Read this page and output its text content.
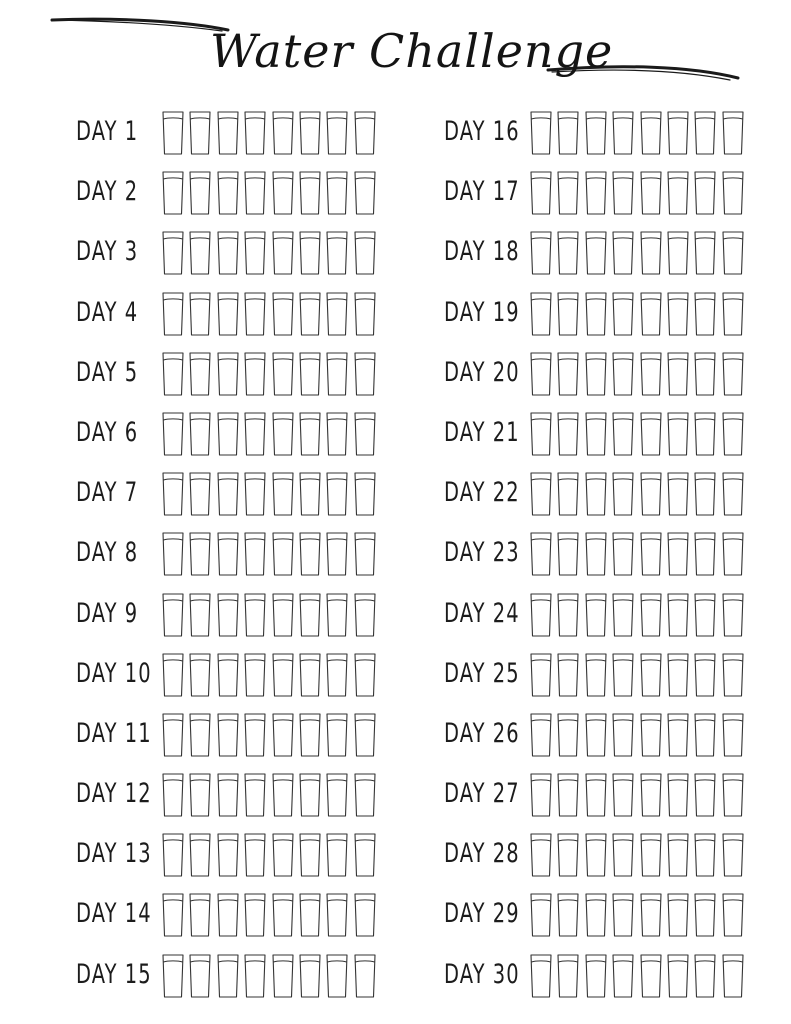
Water Challenge
DAY 1
DAY 2
DAY 3
DAY 4
DAY 5
DAY 6
DAY 7
DAY 8
DAY 9
DAY 10
DAY 11
DAY 12
DAY 13
DAY 14
DAY 15
DAY 16
DAY 17
DAY 18
DAY 19
DAY 20
DAY 21
DAY 22
DAY 23
DAY 24
DAY 25
DAY 26
DAY 27
DAY 28
DAY 29
DAY 30
